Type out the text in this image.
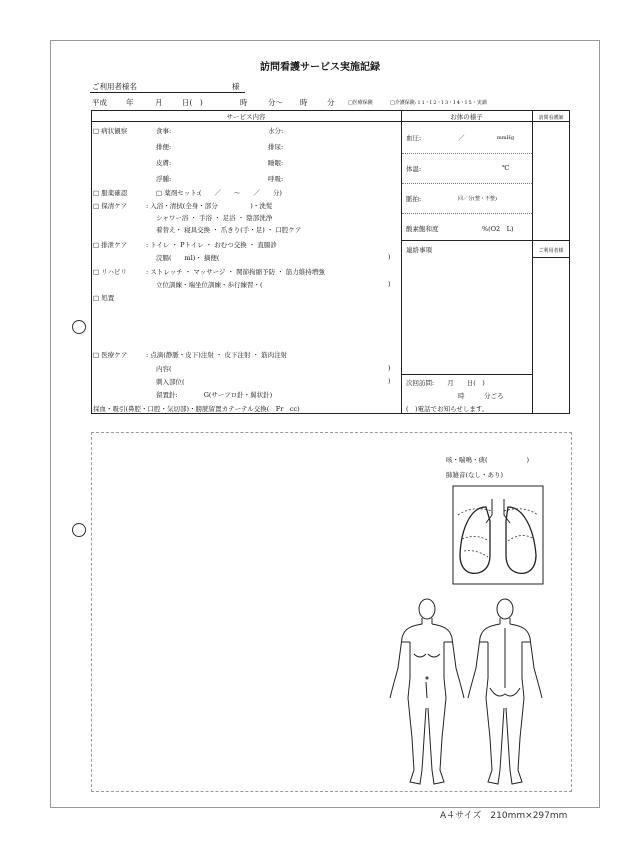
訪問看護サービス実施記録
ご利用者様名	様
平成	年	月	日(　)	時	分〜 時	分	□医療保険	□介護保険: I 1・I 2・I 3・I 4・I 5・実調
サービス内容	お体の様子	訪問看護師
ご利用者様
□ 病状観察	食事:	水分:
排便:	排尿:
皮膚:	睡眠:
浮腫:	呼吸:
□ 服薬確認	□ 薬剤セット:(　　／　　〜　　／　　分)
□ 保清ケア	: 入浴・清拭(全身・部分　　　　　)・洗髪
シャワー浴 ・ 手浴 ・ 足浴 ・ 陰部洗浄
着替え・ 寝具交換 ・ 爪きり(手・足) ・ 口腔ケア
□ 排泄ケア	: トイレ ・ Pトイレ ・ おむつ交換 ・ 直腸診
浣腸(　　ml)・ 摘便(	)
□ リハビリ	: ストレッチ ・ マッサージ ・ 関節拘縮予防 ・ 筋力維持増強
立位訓練・端坐位訓練・歩行練習・(	)
□ 処置
□ 医療ケア	: 点滴(静脈・皮下)注射 ・ 皮下注射 ・ 筋肉注射
内容(	)
刺入部位(	)
留置針:　　　　G(サーフロ針・翼状針)
採血・吸引(鼻腔・口腔・気切部)・膀胱留置カテーテル交換(　Fr　cc)
血圧:	／	mmHg
体温:	℃
脈拍:	回／分(整・不整)
酸素飽和度	%(O2　L)
連絡事項
次回訪問:　　月　　日(　)
時　　　分ごろ
(　)電話でお知らせします。
咳・喘鳴・痰(　　　　　　)
肺雑音(なし・あり)
A４サイズ　210mm×297mm
